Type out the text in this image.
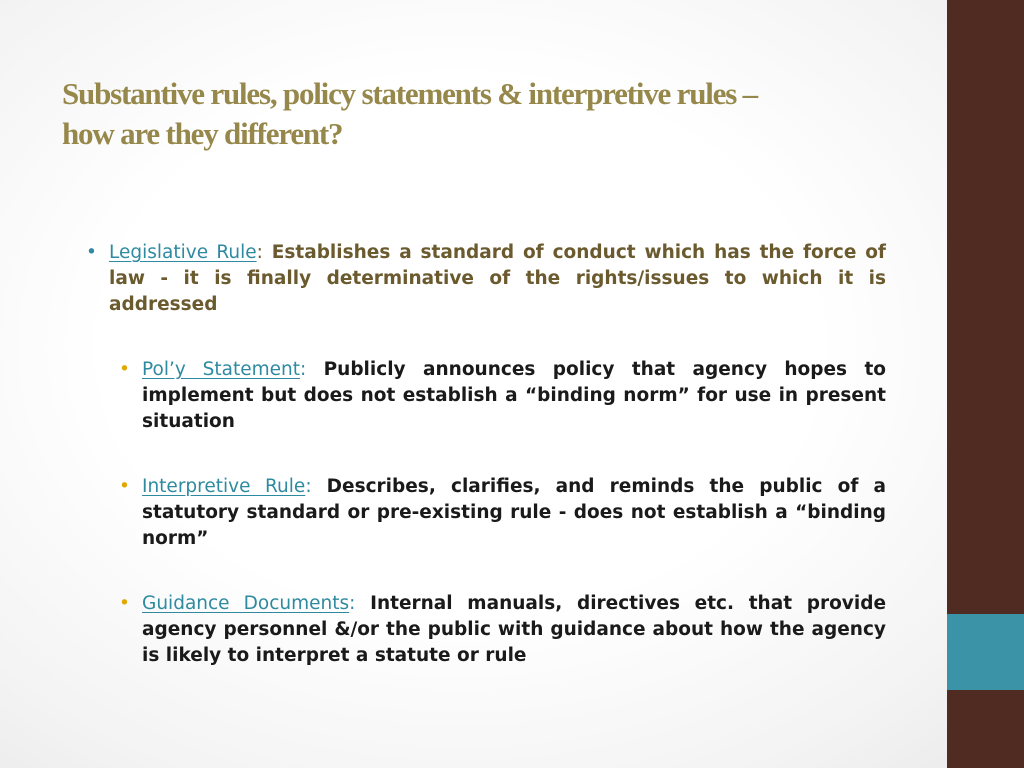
Substantive rules, policy statements & interpretive rules –
how are they different?
• Legislative Rule: Establishes a standard of conduct which has the force of law - it is finally determinative of the rights/issues to which it is addressed
• Pol’y Statement: Publicly announces policy that agency hopes to implement but does not establish a “binding norm” for use in present situation
• Interpretive Rule: Describes, clarifies, and reminds the public of a statutory standard or pre-existing rule - does not establish a “binding norm”
• Guidance Documents: Internal manuals, directives etc. that provide agency personnel &/or the public with guidance about how the agency is likely to interpret a statute or rule
